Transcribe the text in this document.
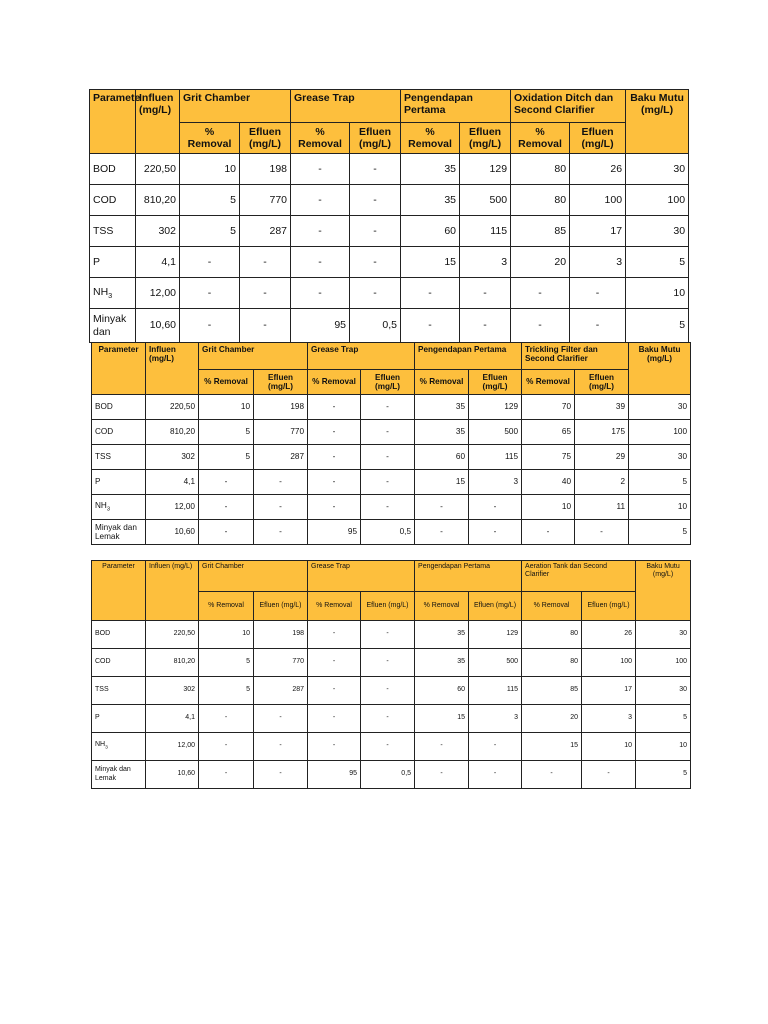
Paramete	Influen (mg/L)	Grit Chamber		Grease Trap		Pengendapan Pertama		Oxidation Ditch dan Second Clarifier		Baku Mutu (mg/L)
		% Removal	Efluen (mg/L)	% Removal	Efluen (mg/L)	% Removal	Efluen (mg/L)	% Removal	Efluen (mg/L)	
BOD	220,50	10	198	-	-	35	129	80	26	30
COD	810,20	5	770	-	-	35	500	80	100	100
TSS	302	5	287	-	-	60	115	85	17	30
P	4,1	-	-	-	-	15	3	20	3	5
$NH_3$	12,00	-	-	-	-	-	-	-	-	10
Minyak dan	10,60	-	-	95	0,5	-	-	-	-	5
Parameter	Influen (mg/L)	Grit Chamber		Grease Trap		Pengendapan Pertama		Trickling Filter dan Second Clarifier		Baku Mutu (mg/L)
		% Removal	Efluen (mg/L)	% Removal	Efluen (mg/L)	% Removal	Efluen (mg/L)	% Removal	Efluen (mg/L)	
BOD	220,50	10	198	-	-	35	129	70	39	30
COD	810,20	5	770	-	-	35	500	65	175	100
TSS	302	5	287	-	-	60	115	75	29	30
P	4,1	-	-	-	-	15	3	40	2	5
$NH_3$	12,00	-	-	-	-	-	-	10	11	10
Minyak dan Lemak	10,60	-	-	95	0,5	-	-	-	-	5
Parameter	Influen (mg/L)	Grit Chamber		Grease Trap		Pengendapan Pertama		Aeration Tank dan Second Clarifier		Baku Mutu (mg/L)
		% Removal	Efluen (mg/L)	% Removal	Efluen (mg/L)	% Removal	Efluen (mg/L)	% Removal	Efluen (mg/L)	
BOD	220,50	10	198	-	-	35	129	80	26	30
COD	810,20	5	770	-	-	35	500	80	100	100
TSS	302	5	287	-	-	60	115	85	17	30
P	4,1	-	-	-	-	15	3	20	3	5
$NH_3$	12,00	-	-	-	-	-	-	15	10	10
Minyak dan Lemak	10,60	-	-	95	0,5	-	-	-	-	5
